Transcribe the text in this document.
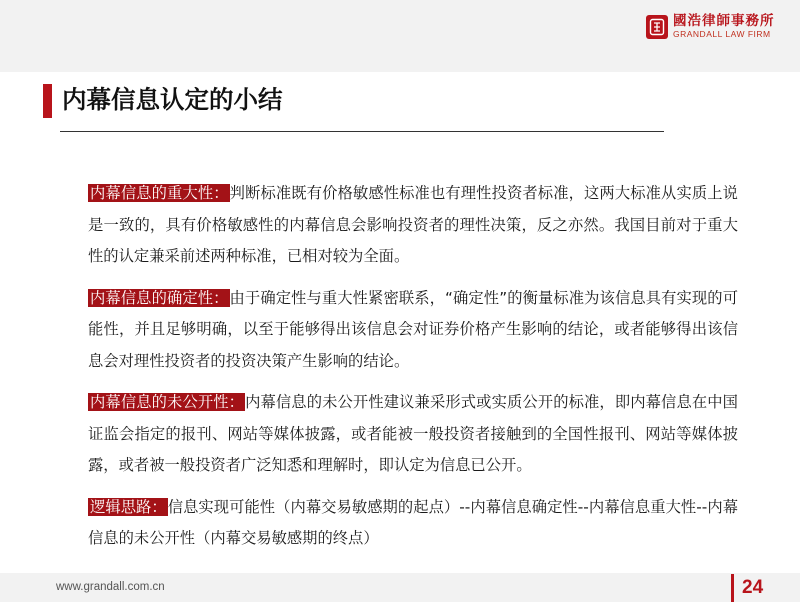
國浩律師事務所
GRANDALL LAW FIRM
内幕信息认定的小结

内幕信息的重大性：判断标准既有价格敏感性标准也有理性投资者标准，这两大标准从实质上说是一致的，具有价格敏感性的内幕信息会影响投资者的理性决策，反之亦然。我国目前对于重大性的认定兼采前述两种标准，已相对较为全面。

内幕信息的确定性：由于确定性与重大性紧密联系，“确定性”的衡量标准为该信息具有实现的可能性，并且足够明确，以至于能够得出该信息会对证券价格产生影响的结论，或者能够得出该信息会对理性投资者的投资决策产生影响的结论。

内幕信息的未公开性：内幕信息的未公开性建议兼采形式或实质公开的标准，即内幕信息在中国证监会指定的报刊、网站等媒体披露，或者能被一般投资者接触到的全国性报刊、网站等媒体披露，或者被一般投资者广泛知悉和理解时，即认定为信息已公开。

逻辑思路：信息实现可能性（内幕交易敏感期的起点）--内幕信息确定性--内幕信息重大性--内幕信息的未公开性（内幕交易敏感期的终点）

www.grandall.com.cn	24
